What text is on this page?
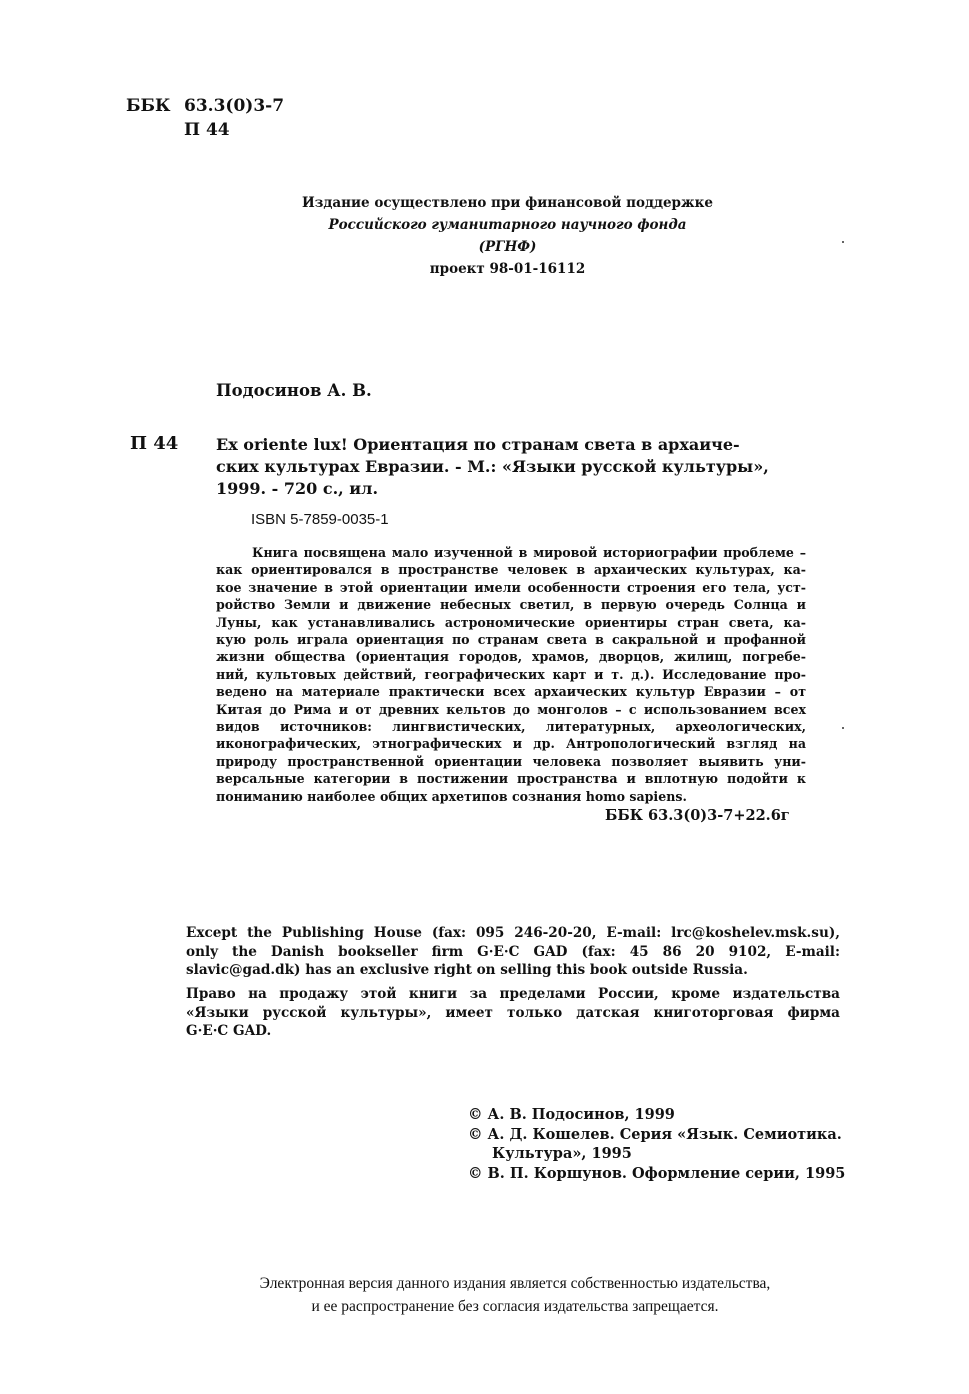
ББК 63.3(0)3-7
П 44
Издание осуществлено при финансовой поддержке
Российского гуманитарного научного фонда
(РГНФ)
проект 98-01-16112
Подосинов А. В.
П 44 Ex oriente lux! Ориентация по странам света в архаиче-
ских культурах Евразии. - М.: «Языки русской культуры»,
1999. - 720 с., ил.
ISBN 5-7859-0035-1
Книга посвящена мало изученной в мировой историографии проблеме –
как ориентировался в пространстве человек в архаических культурах, ка-
кое значение в этой ориентации имели особенности строения его тела, уст-
ройство Земли и движение небесных светил, в первую очередь Солнца и
Луны, как устанавливались астрономические ориентиры стран света, ка-
кую роль играла ориентация по странам света в сакральной и профанной
жизни общества (ориентация городов, храмов, дворцов, жилищ, погребе-
ний, культовых действий, географических карт и т. д.). Исследование про-
ведено на материале практически всех архаических культур Евразии – от
Китая до Рима и от древних кельтов до монголов – с использованием всех
видов источников: лингвистических, литературных, археологических,
иконографических, этнографических и др. Антропологический взгляд на
природу пространственной ориентации человека позволяет выявить уни-
версальные категории в постижении пространства и вплотную подойти к
пониманию наиболее общих архетипов сознания homo sapiens.
ББК 63.3(0)3-7+22.6г
Except the Publishing House (fax: 095 246-20-20, E-mail: lrc@koshelev.msk.su),
only the Danish bookseller firm G·E·C GAD (fax: 45 86 20 9102, E-mail:
slavic@gad.dk) has an exclusive right on selling this book outside Russia.
Право на продажу этой книги за пределами России, кроме издательства
«Языки русской культуры», имеет только датская книготорговая фирма
G·E·C GAD.
© А. В. Подосинов, 1999
© А. Д. Кошелев. Серия «Язык. Семиотика.
Культура», 1995
© В. П. Коршунов. Оформление серии, 1995
Электронная версия данного издания является собственностью издательства,
и ее распространение без согласия издательства запрещается.
